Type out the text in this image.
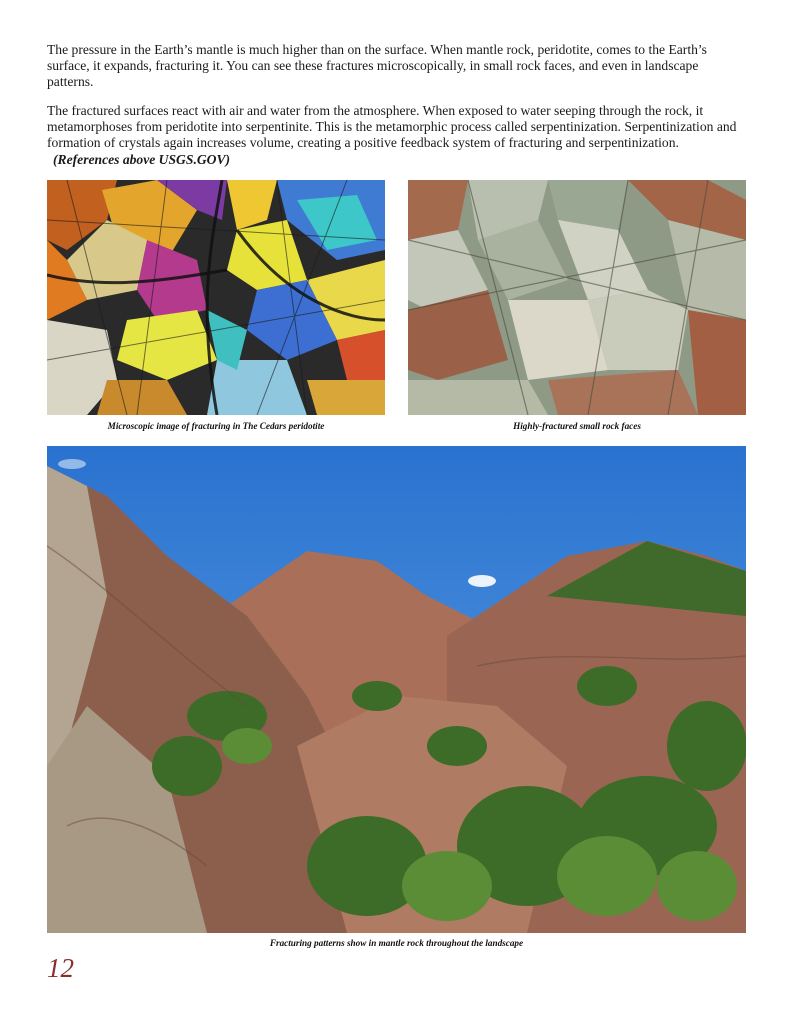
The pressure in the Earth’s mantle is much higher than on the surface. When mantle rock, peridotite, comes to the Earth’s surface, it expands, fracturing it. You can see these fractures microscopically, in small rock faces, and even in landscape patterns.

The fractured surfaces react with air and water from the atmosphere. When exposed to water seeping through the rock, it metamorphoses from peridotite into serpentinite. This is the metamorphic process called serpentinization. Serpentinization and formation of crystals again increases volume, creating a positive feedback system of fracturing and serpentinization.(References above USGS.GOV)

Microscopic image of fracturing in The Cedars peridotite	Highly-fractured small rock faces
Fracturing patterns show in mantle rock throughout the landscape
12
